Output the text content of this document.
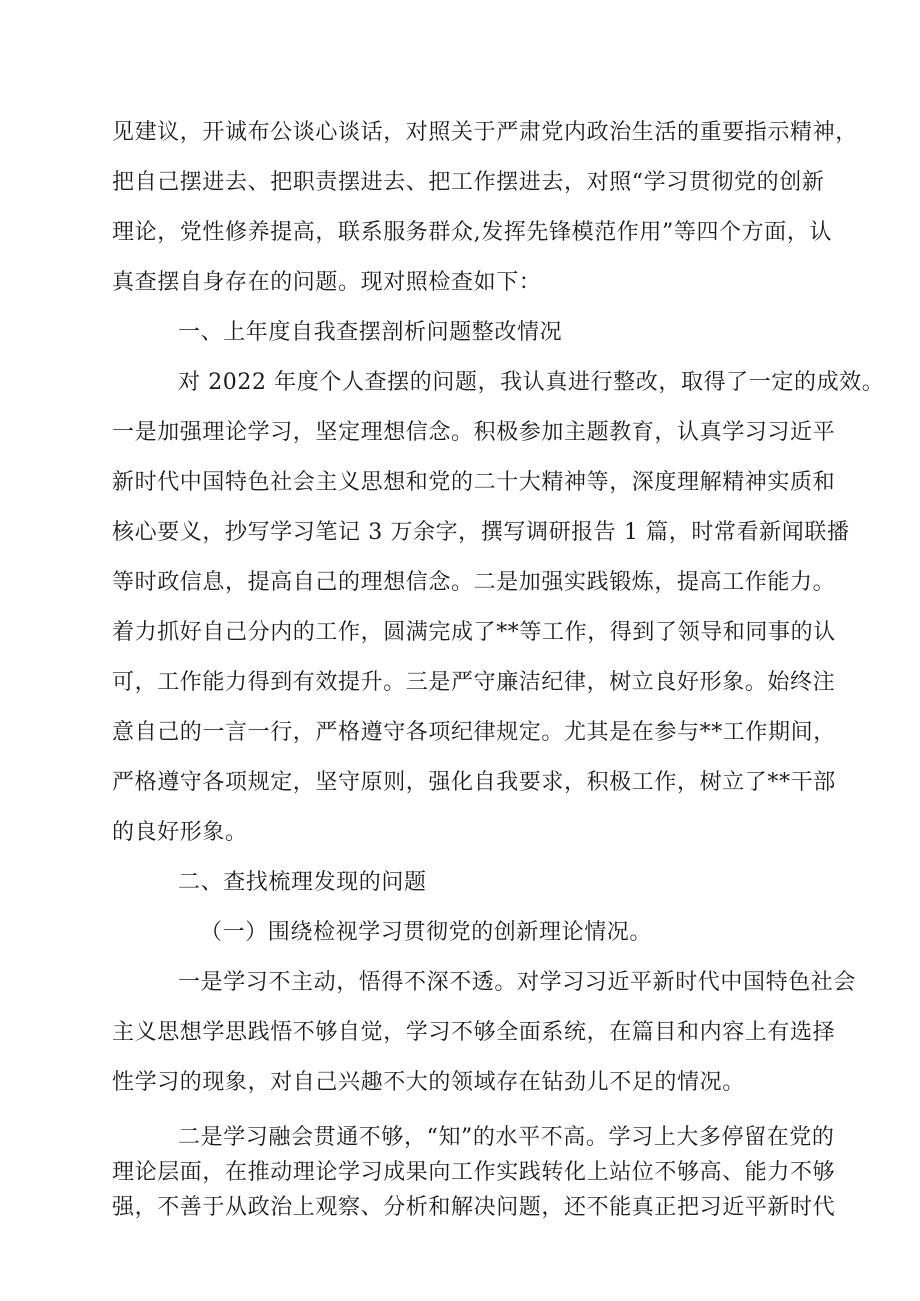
见建议，开诚布公谈心谈话，对照关于严肃党内政治生活的重要指示精神，
把自己摆进去、把职责摆进去、把工作摆进去，对照“学习贯彻党的创新
理论，党性修养提高，联系服务群众,发挥先锋模范作用”等四个方面，认
真查摆自身存在的问题。现对照检查如下：
一、上年度自我查摆剖析问题整改情况
对 2022 年度个人查摆的问题，我认真进行整改，取得了一定的成效。
一是加强理论学习，坚定理想信念。积极参加主题教育，认真学习习近平
新时代中国特色社会主义思想和党的二十大精神等，深度理解精神实质和
核心要义，抄写学习笔记 3 万余字，撰写调研报告 1 篇，时常看新闻联播
等时政信息，提高自己的理想信念。二是加强实践锻炼，提高工作能力。
着力抓好自己分内的工作，圆满完成了**等工作，得到了领导和同事的认
可，工作能力得到有效提升。三是严守廉洁纪律，树立良好形象。始终注
意自己的一言一行，严格遵守各项纪律规定。尤其是在参与**工作期间，
严格遵守各项规定，坚守原则，强化自我要求，积极工作，树立了**干部
的良好形象。
二、查找梳理发现的问题
（一）围绕检视学习贯彻党的创新理论情况。
一是学习不主动，悟得不深不透。对学习习近平新时代中国特色社会
主义思想学思践悟不够自觉，学习不够全面系统，在篇目和内容上有选择
性学习的现象，对自己兴趣不大的领域存在钻劲儿不足的情况。
二是学习融会贯通不够，“知”的水平不高。学习上大多停留在党的
理论层面，在推动理论学习成果向工作实践转化上站位不够高、能力不够
强，不善于从政治上观察、分析和解决问题，还不能真正把习近平新时代
